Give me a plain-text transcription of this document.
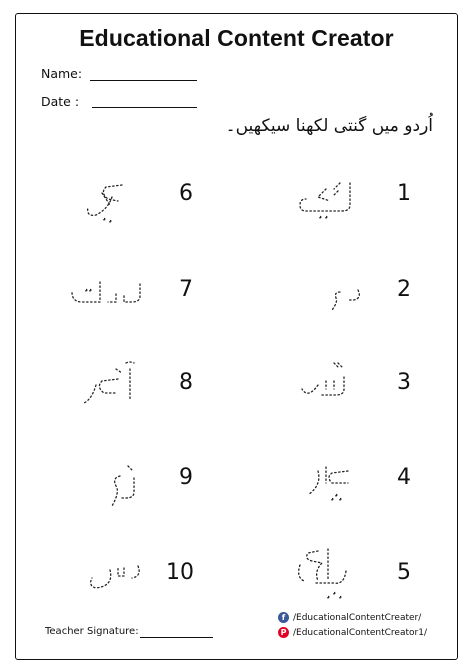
Educational Content Creator
Name:
Date :
اُردو میں گنتی لکھنا سیکھیں۔
1
2
3
4
5
6
7
8
9
10
Teacher Signature:
f /EducationalContentCreater/
P /EducationalContentCreator1/
